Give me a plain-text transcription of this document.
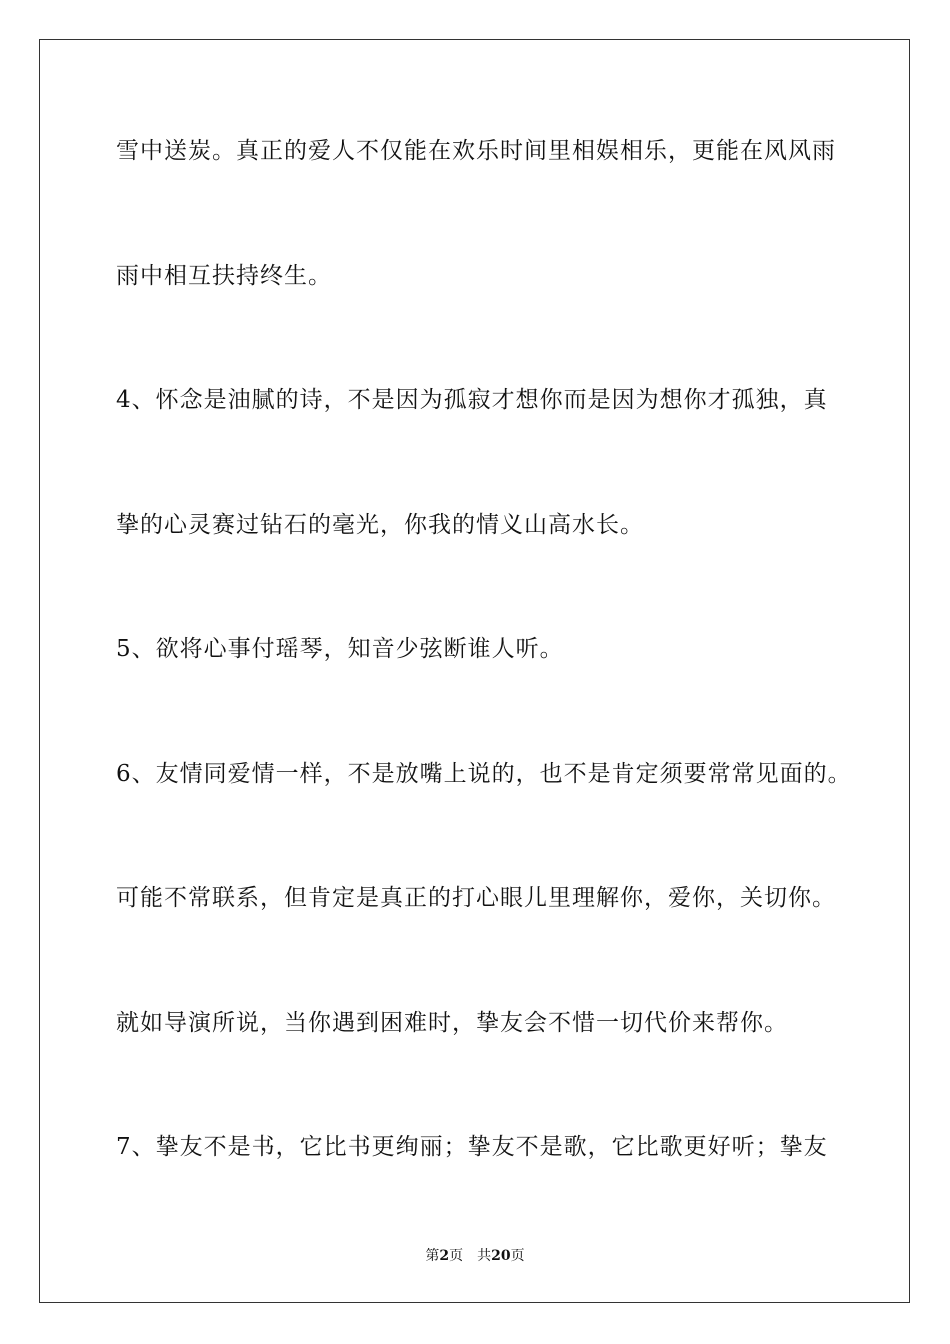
雪中送炭。真正的爱人不仅能在欢乐时间里相娱相乐，更能在风风雨
雨中相互扶持终生。
4、怀念是油腻的诗，不是因为孤寂才想你而是因为想你才孤独，真
挚的心灵赛过钻石的毫光，你我的情义山高水长。
5、欲将心事付瑶琴，知音少弦断谁人听。
6、友情同爱情一样，不是放嘴上说的，也不是肯定须要常常见面的。
可能不常联系，但肯定是真正的打心眼儿里理解你，爱你，关切你。
就如导演所说，当你遇到困难时，挚友会不惜一切代价来帮你。
7、挚友不是书，它比书更绚丽；挚友不是歌，它比歌更好听；挚友
第2页 共20页
